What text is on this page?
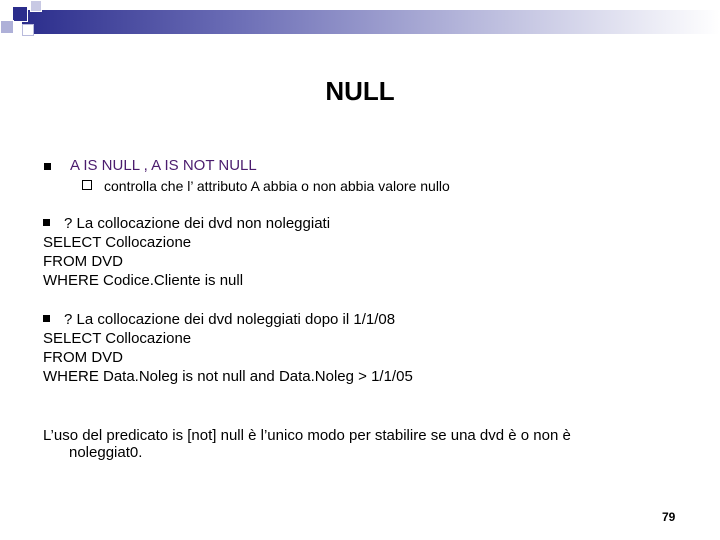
NULL
A IS NULL , A IS NOT NULL
controlla che l’ attributo A abbia o non abbia valore nullo
? La collocazione dei dvd non noleggiati
SELECT Collocazione
FROM DVD
WHERE Codice.Cliente is null
? La collocazione dei dvd noleggiati dopo il 1/1/08
SELECT Collocazione
FROM DVD
WHERE Data.Noleg is not null and Data.Noleg > 1/1/05
L’uso del predicato is [not] null è l’unico modo per stabilire se una dvd è o non è
noleggiat0.
79
